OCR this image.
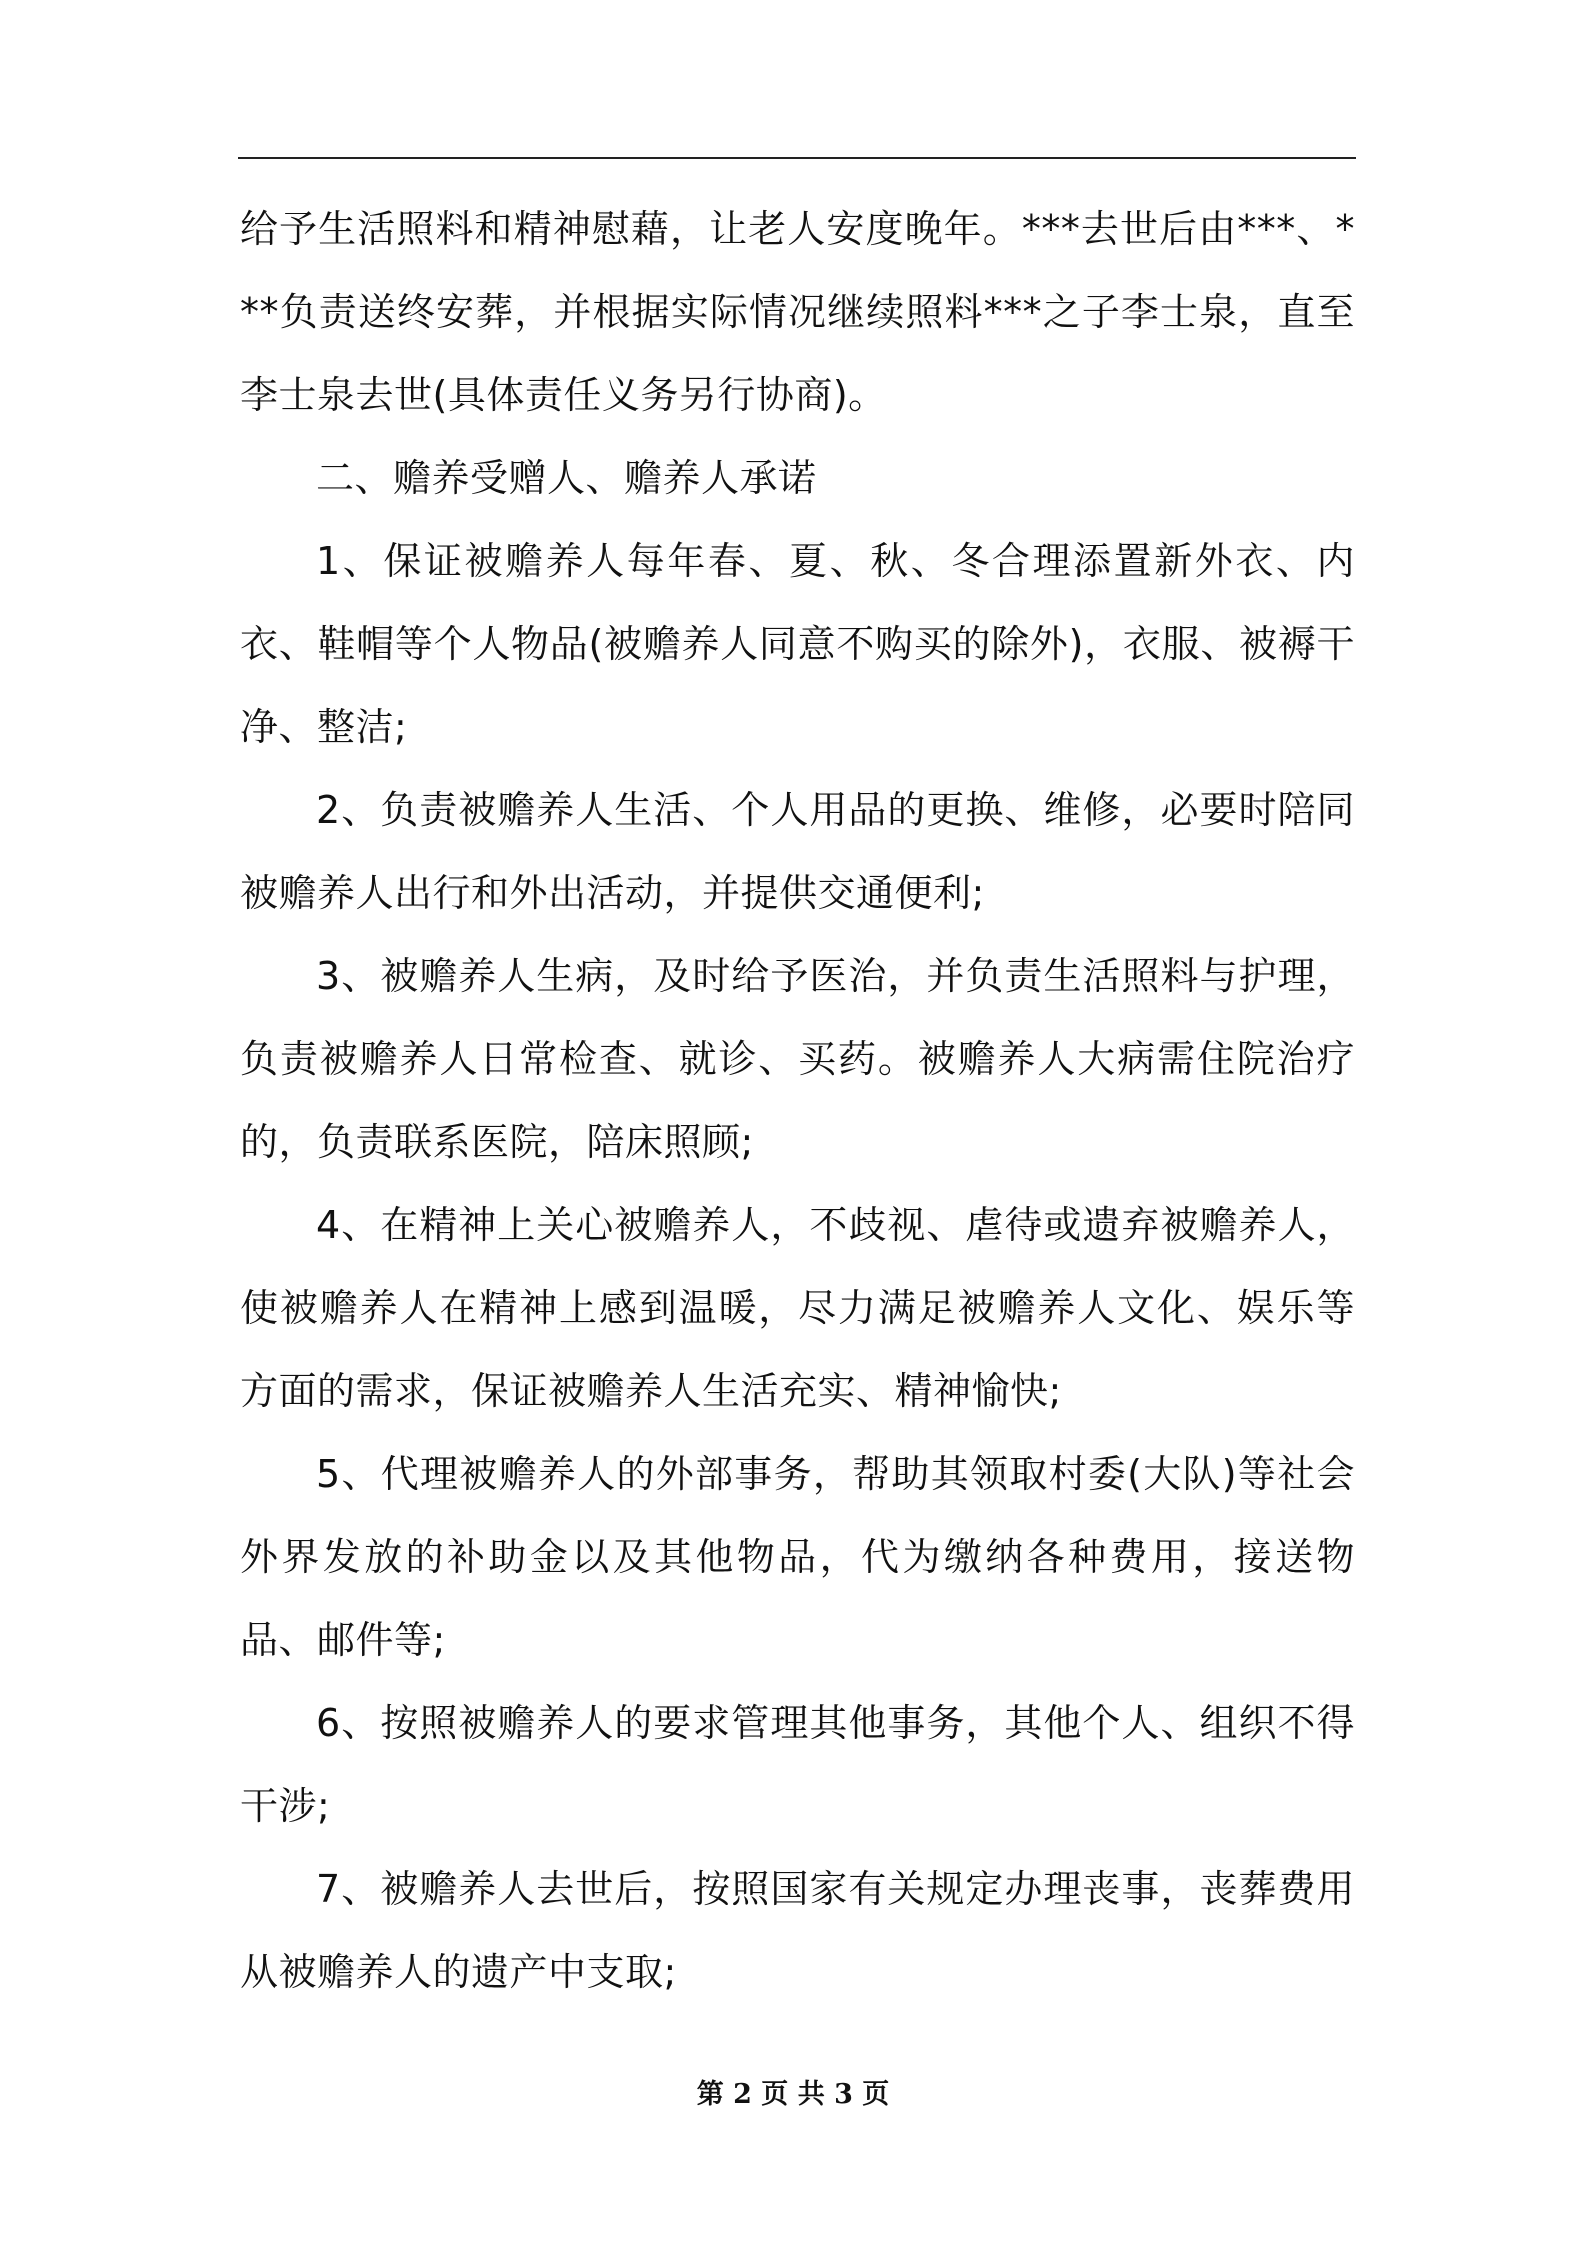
给予生活照料和精神慰藉，让老人安度晚年。***去世后由***、***负责送终安葬，并根据实际情况继续照料***之子李士泉，直至李士泉去世(具体责任义务另行协商)。

二、赡养受赠人、赡养人承诺

1、保证被赡养人每年春、夏、秋、冬合理添置新外衣、内衣、鞋帽等个人物品(被赡养人同意不购买的除外)，衣服、被褥干净、整洁;

2、负责被赡养人生活、个人用品的更换、维修，必要时陪同被赡养人出行和外出活动，并提供交通便利;

3、被赡养人生病，及时给予医治，并负责生活照料与护理，负责被赡养人日常检查、就诊、买药。被赡养人大病需住院治疗的，负责联系医院，陪床照顾;

4、在精神上关心被赡养人，不歧视、虐待或遗弃被赡养人，使被赡养人在精神上感到温暖，尽力满足被赡养人文化、娱乐等方面的需求，保证被赡养人生活充实、精神愉快;

5、代理被赡养人的外部事务，帮助其领取村委(大队)等社会外界发放的补助金以及其他物品，代为缴纳各种费用，接送物品、邮件等;

6、按照被赡养人的要求管理其他事务，其他个人、组织不得干涉;

7、被赡养人去世后，按照国家有关规定办理丧事，丧葬费用从被赡养人的遗产中支取;

第 2 页 共 3 页
